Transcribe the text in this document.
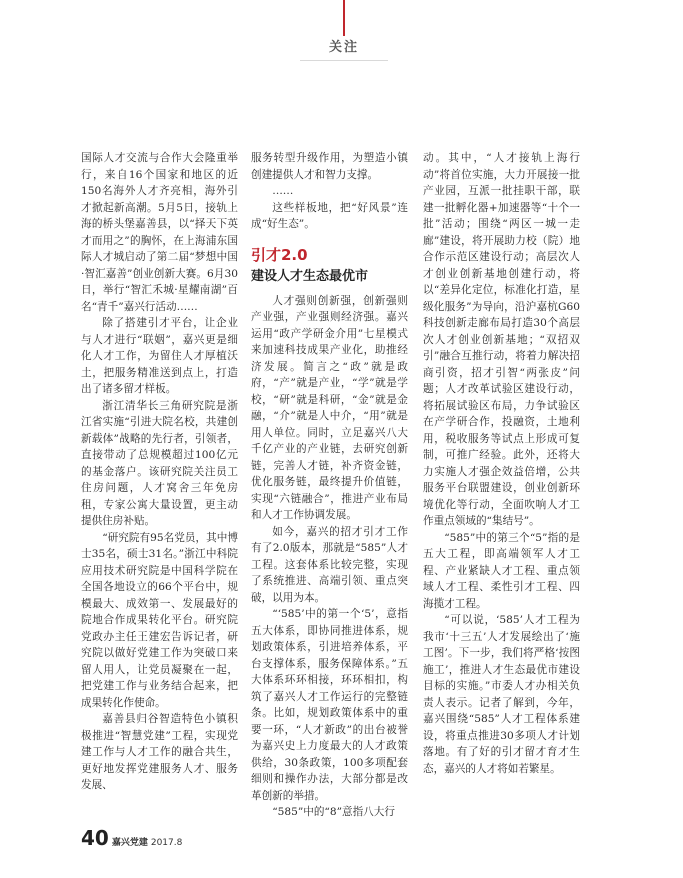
关注

国际人才交流与合作大会隆重举行，来自16个国家和地区的近150名海外人才齐亮相，海外引才掀起新高潮。5月5日，接轨上海的桥头堡嘉善县，以“择天下英才而用之”的胸怀，在上海浦东国际人才城启动了第二届“梦想中国·智汇嘉善”创业创新大赛。6月30日，举行“智汇禾城·星耀南湖”百名“青千”嘉兴行活动……

除了搭建引才平台，让企业与人才进行“联姻”，嘉兴更是细化人才工作，为留住人才厚植沃土，把服务精准送到点上，打造出了诸多留才样板。

浙江清华长三角研究院是浙江省实施“引进大院名校，共建创新载体”战略的先行者，引领者，直接带动了总规模超过100亿元的基金落户。该研究院关注员工住房问题，人才窝舍三年免房租，专家公寓大量设置，更主动提供住房补贴。

“研究院有95名党员，其中博士35名，硕士31名。”浙江中科院应用技术研究院是中国科学院在全国各地设立的66个平台中，规模最大、成效第一、发展最好的院地合作成果转化平台。研究院党政办主任王建宏告诉记者，研究院以做好党建工作为突破口来留人用人，让党员凝聚在一起，把党建工作与业务结合起来，把成果转化作使命。

嘉善县归谷智造特色小镇积极推进“智慧党建”工程，实现党建工作与人才工作的融合共生，更好地发挥党建服务人才、服务发展、

服务转型升级作用，为塑造小镇创建提供人才和智力支撑。

……

这些样板地，把“好风景”连成“好生态”。

引才2.0
建设人才生态最优市

人才强则创新强，创新强则产业强，产业强则经济强。嘉兴运用“政产学研金介用”七星模式来加速科技成果产业化，助推经济发展。简言之“政”就是政府，“产”就是产业，“学”就是学校，“研”就是科研，“金”就是金融，“介”就是人中介，“用”就是用人单位。同时，立足嘉兴八大千亿产业的产业链，去研究创新链，完善人才链，补齐资金链，优化服务链，最终提升价值链，实现“六链融合”，推进产业布局和人才工作协调发展。

如今，嘉兴的招才引才工作有了2.0版本，那就是“585”人才工程。这套体系比较完整，实现了系统推进、高端引领、重点突破，以用为本。

“‘585’中的第一个‘5’，意指五大体系，即协同推进体系，规划政策体系，引进培养体系，平台支撑体系，服务保障体系。”五大体系环环相接，环环相扣，构筑了嘉兴人才工作运行的完整链条。比如，规划政策体系中的重要一环，“人才新政”的出台被誉为嘉兴史上力度最大的人才政策供给，30条政策，100多项配套细则和操作办法，大部分都是改革创新的举措。

“585”中的“8”意指八大行

动。其中，“人才接轨上海行动”将首位实施，大力开展接一批产业园，互派一批挂职干部，联建一批孵化器+加速器等“十个一批”活动；围绕“两区一城一走廊”建设，将开展助力校（院）地合作示范区建设行动；高层次人才创业创新基地创建行动，将以“差异化定位，标准化打造，星级化服务”为导向，沿沪嘉杭G60科技创新走廊布局打造30个高层次人才创业创新基地；“双招双引”融合互推行动，将着力解决招商引资，招才引智“两张皮”问题；人才改革试验区建设行动，将拓展试验区布局，力争试验区在产学研合作，投融资，土地利用，税收服务等试点上形成可复制，可推广经验。此外，还将大力实施人才强企效益倍增，公共服务平台联盟建设，创业创新环境优化等行动，全面吹响人才工作重点领域的“集结号”。

“585”中的第三个“5”指的是五大工程，即高端领军人才工程、产业紧缺人才工程、重点领域人才工程、柔性引才工程、四海揽才工程。

“可以说，‘585’人才工程为我市‘十三五’人才发展绘出了‘施工图’。下一步，我们将严格‘按图施工’，推进人才生态最优市建设目标的实施。”市委人才办相关负责人表示。记者了解到，今年，嘉兴围绕“585”人才工程体系建设，将重点推进30多项人才计划落地。有了好的引才留才育才生态，嘉兴的人才将如若繁星。

40 嘉兴党建 2017.8
